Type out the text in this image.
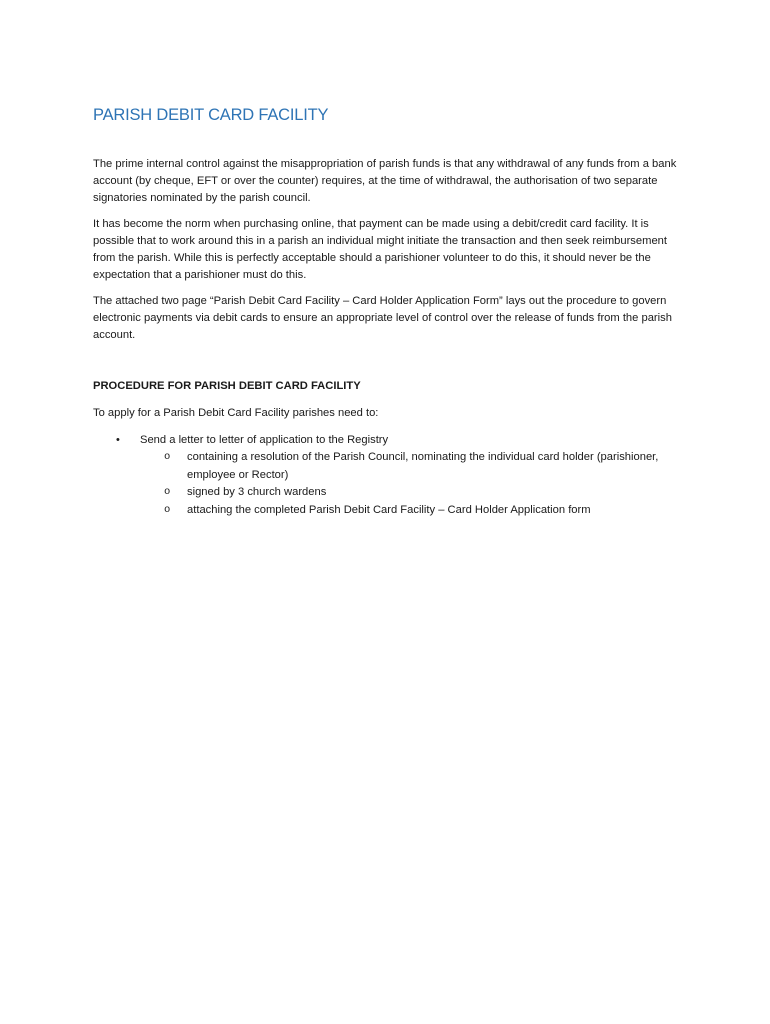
PARISH DEBIT CARD FACILITY

The prime internal control against the misappropriation of parish funds is that any withdrawal of any funds from a bank account (by cheque, EFT or over the counter) requires, at the time of withdrawal, the authorisation of two separate signatories nominated by the parish council.

It has become the norm when purchasing online, that payment can be made using a debit/credit card facility. It is possible that to work around this in a parish an individual might initiate the transaction and then seek reimbursement from the parish. While this is perfectly acceptable should a parishioner volunteer to do this, it should never be the expectation that a parishioner must do this.

The attached two page “Parish Debit Card Facility – Card Holder Application Form” lays out the procedure to govern electronic payments via debit cards to ensure an appropriate level of control over the release of funds from the parish account.

PROCEDURE FOR PARISH DEBIT CARD FACILITY
To apply for a Parish Debit Card Facility parishes need to:
• Send a letter to letter of application to the Registry
o containing a resolution of the Parish Council, nominating the individual card holder (parishioner, employee or Rector)
o signed by 3 church wardens
o attaching the completed Parish Debit Card Facility – Card Holder Application form
